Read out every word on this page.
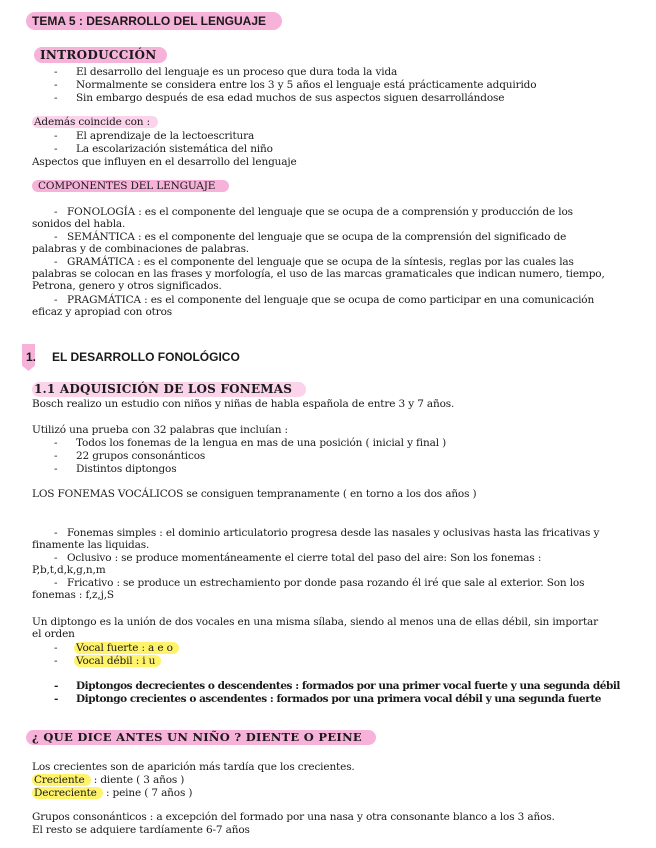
TEMA 5 : DESARROLLO DEL LENGUAJE
INTRODUCCIÓN
- El desarrollo del lenguaje es un proceso que dura toda la vida
- Normalmente se considera entre los 3 y 5 años el lenguaje está prácticamente adquirido
- Sin embargo después de esa edad muchos de sus aspectos siguen desarrollándose
Además coincide con :
- El aprendizaje de la lectoescritura
- La escolarización sistemática del niño
Aspectos que influyen en el desarrollo del lenguaje
COMPONENTES DEL LENGUAJE
-   FONOLOGÍA : es el componente del lenguaje que se ocupa de a comprensión y producción de los sonidos del habla.
-   SEMÁNTICA : es el componente del lenguaje que se ocupa de la comprensión del significado de palabras y de combinaciones de palabras.
-   GRAMÁTICA : es el componente del lenguaje que se ocupa de la síntesis, reglas por las cuales las palabras se colocan en las frases y morfología, el uso de las marcas gramaticales que indican numero, tiempo, Petrona, genero y otros significados.
-   PRAGMÁTICA : es el componente del lenguaje que se ocupa de como participar en una comunicación eficaz y apropiad con otros
1. EL DESARROLLO FONOLÓGICO
1.1 ADQUISICIÓN DE LOS FONEMAS
Bosch realizo un estudio con niños y niñas de habla española de entre 3 y 7 años.
Utilizó una prueba con 32 palabras que incluían :
- Todos los fonemas de la lengua en mas de una posición ( inicial y final )
- 22 grupos consonánticos
- Distintos diptongos
LOS FONEMAS VOCÁLICOS se consiguen tempranamente ( en torno a los dos años )
-   Fonemas simples : el dominio articulatorio progresa desde las nasales y oclusivas hasta las fricativas y finamente las liquidas.
-   Oclusivo : se produce momentáneamente el cierre total del paso del aire: Son los fonemas : P,b,t,d,k,g,n,m
-   Fricativo : se produce un estrechamiento por donde pasa rozando él iré que sale al exterior. Son los fonemas : f,z,j,S
Un diptongo es la unión de dos vocales en una misma sílaba, siendo al menos una de ellas débil, sin importar el orden
- Vocal fuerte : a e o
- Vocal débil : i u
- Diptongos decrecientes o descendentes : formados por una primer vocal fuerte y una segunda débil
- Diptongo crecientes o ascendentes : formados por una primera vocal débil y una segunda fuerte
¿ QUE DICE ANTES UN NIÑO ? DIENTE O PEINE
Los crecientes son de aparición más tardía que los crecientes.
Creciente : diente ( 3 años )
Decreciente : peine ( 7 años )
Grupos consonánticos : a excepción del formado por una nasa y otra consonante blanco a los 3 años.
El resto se adquiere tardíamente 6-7 años
